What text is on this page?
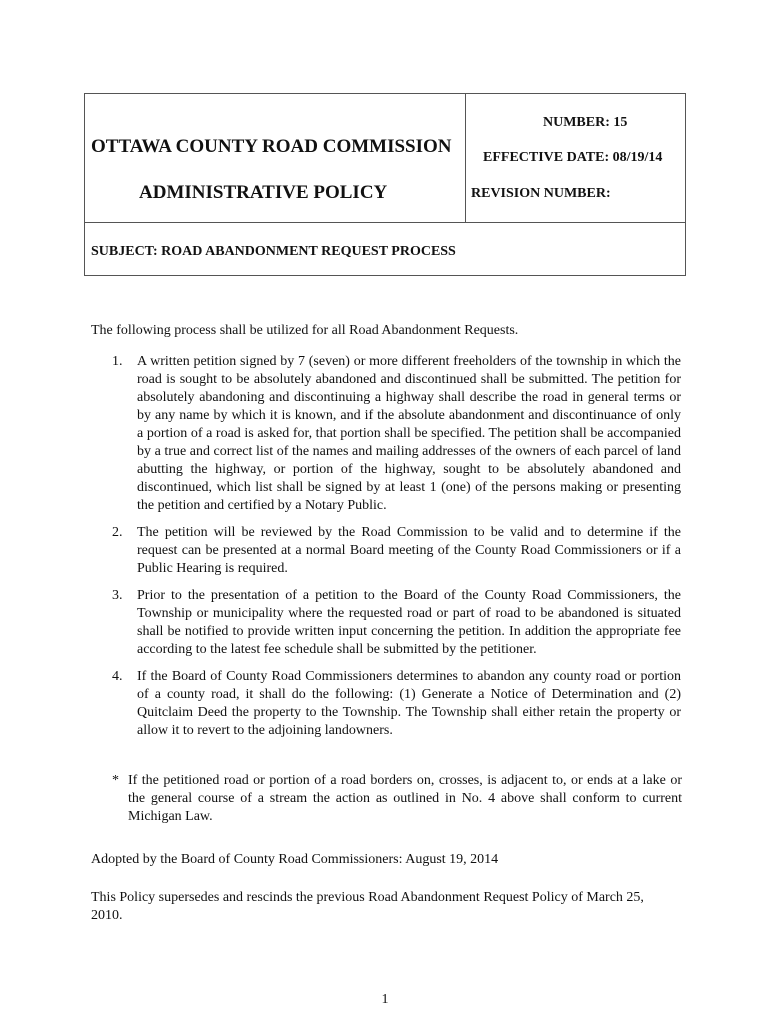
OTTAWA COUNTY ROAD COMMISSION
ADMINISTRATIVE POLICY
NUMBER: 15
EFFECTIVE DATE: 08/19/14
REVISION NUMBER:
SUBJECT: ROAD ABANDONMENT REQUEST PROCESS
The following process shall be utilized for all Road Abandonment Requests.
1. A written petition signed by 7 (seven) or more different freeholders of the township in which the road is sought to be absolutely abandoned and discontinued shall be submitted. The petition for absolutely abandoning and discontinuing a highway shall describe the road in general terms or by any name by which it is known, and if the absolute abandonment and discontinuance of only a portion of a road is asked for, that portion shall be specified. The petition shall be accompanied by a true and correct list of the names and mailing addresses of the owners of each parcel of land abutting the highway, or portion of the highway, sought to be absolutely abandoned and discontinued, which list shall be signed by at least 1 (one) of the persons making or presenting the petition and certified by a Notary Public.
2. The petition will be reviewed by the Road Commission to be valid and to determine if the request can be presented at a normal Board meeting of the County Road Commissioners or if a Public Hearing is required.
3. Prior to the presentation of a petition to the Board of the County Road Commissioners, the Township or municipality where the requested road or part of road to be abandoned is situated shall be notified to provide written input concerning the petition. In addition the appropriate fee according to the latest fee schedule shall be submitted by the petitioner.
4. If the Board of County Road Commissioners determines to abandon any county road or portion of a county road, it shall do the following: (1) Generate a Notice of Determination and (2) Quitclaim Deed the property to the Township. The Township shall either retain the property or allow it to revert to the adjoining landowners.
* If the petitioned road or portion of a road borders on, crosses, is adjacent to, or ends at a lake or the general course of a stream the action as outlined in No. 4 above shall conform to current Michigan Law.
Adopted by the Board of County Road Commissioners: August 19, 2014
This Policy supersedes and rescinds the previous Road Abandonment Request Policy of March 25, 2010.
1
